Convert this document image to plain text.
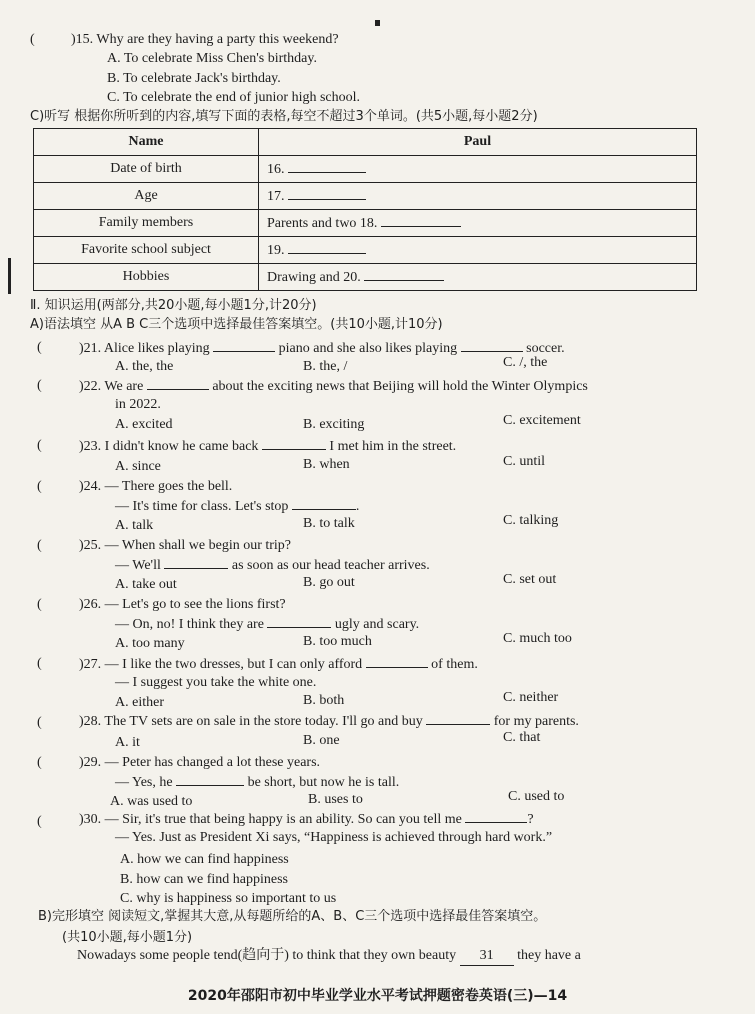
(	)15. Why are they having a party this weekend?
A. To celebrate Miss Chen's birthday.
B. To celebrate Jack's birthday.
C. To celebrate the end of junior high school.
C)听写 根据你所听到的内容,填写下面的表格,每空不超过3个单词。(共5小题,每小题2分)
Name	Paul
Date of birth	16.
Age	17.
Family members	Parents and two 18.
Favorite school subject	19.
Hobbies	Drawing and 20.
Ⅱ. 知识运用(两部分,共20小题,每小题1分,计20分)
A)语法填空 从A B C三个选项中选择最佳答案填空。(共10小题,计10分)
(	)21. Alice likes playing	piano and she also likes playing	soccer.
A. the, the	B. the, /	C. /, the
(	)22. We are	about the exciting news that Beijing will hold the Winter Olympics
in 2022.
A. excited	B. exciting	C. excitement
(	)23. I didn't know he came back	I met him in the street.
A. since	B. when	C. until
(	)24. — There goes the bell.
— It's time for class. Let's stop	.
A. talk	B. to talk	C. talking
(	)25. — When shall we begin our trip?
— We'll	as soon as our head teacher arrives.
A. take out	B. go out	C. set out
(	)26. — Let's go to see the lions first?
— On, no! I think they are	ugly and scary.
A. too many	B. too much	C. much too
(	)27. — I like the two dresses, but I can only afford	of them.
— I suggest you take the white one.
A. either	B. both	C. neither
(	)28. The TV sets are on sale in the store today. I'll go and buy	for my parents.
A. it	B. one	C. that
(	)29. — Peter has changed a lot these years.
— Yes, he	be short, but now he is tall.
A. was used to	B. uses to	C. used to
(	)30. — Sir, it's true that being happy is an ability. So can you tell me	?
— Yes. Just as President Xi says, “Happiness is achieved through hard work.”
A. how we can find happiness
B. how can we find happiness
C. why is happiness so important to us
B)完形填空 阅读短文,掌握其大意,从每题所给的A、B、C三个选项中选择最佳答案填空。
(共10小题,每小题1分)
Nowadays some people tend(趋向于) to think that they own beauty 31 they have a
2020年邵阳市初中毕业学业水平考试押题密卷英语(三)—14
